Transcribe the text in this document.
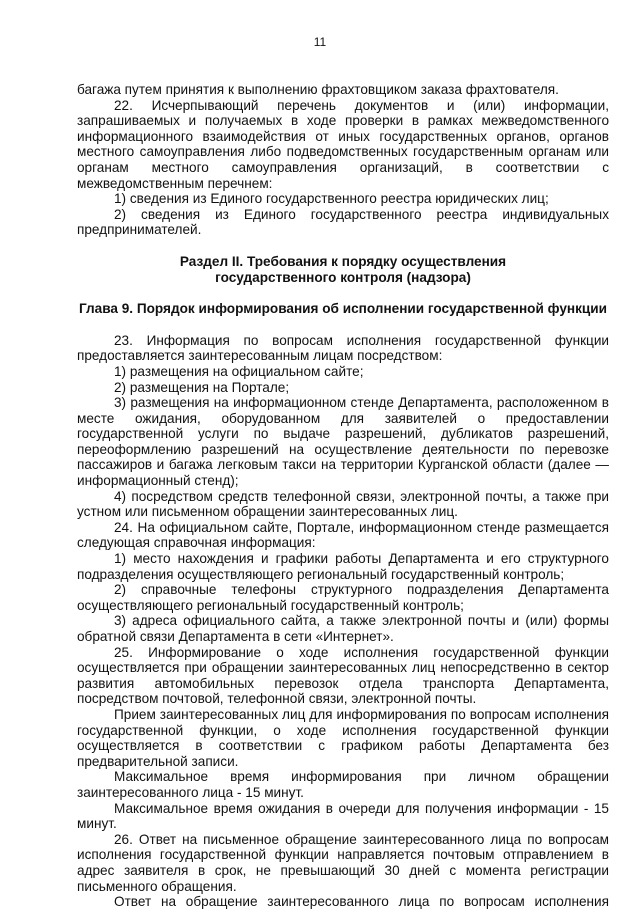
11

багажа путем принятия к выполнению фрахтовщиком заказа фрахтователя.

22. Исчерпывающий перечень документов и (или) информации, запрашиваемых и получаемых в ходе проверки в рамках межведомственного информационного взаимодействия от иных государственных органов, органов местного самоуправления либо подведомственных государственным органам или органам местного самоуправления организаций, в соответствии с межведомственным перечнем:

1) сведения из Единого государственного реестра юридических лиц;

2) сведения из Единого государственного реестра индивидуальных предпринимателей.

Раздел II. Требования к порядку осуществления государственного контроля (надзора)

Глава 9. Порядок информирования об исполнении государственной функции

23. Информация по вопросам исполнения государственной функции предоставляется заинтересованным лицам посредством:

1) размещения на официальном сайте;

2) размещения на Портале;

3) размещения на информационном стенде Департамента, расположенном в месте ожидания, оборудованном для заявителей о предоставлении государственной услуги по выдаче разрешений, дубликатов разрешений, переоформлению разрешений на осуществление деятельности по перевозке пассажиров и багажа легковым такси на территории Курганской области (далее — информационный стенд);

4) посредством средств телефонной связи, электронной почты, а также при устном или письменном обращении заинтересованных лиц.

24. На официальном сайте, Портале, информационном стенде размещается следующая справочная информация:

1) место нахождения и графики работы Департамента и его структурного подразделения осуществляющего региональный государственный контроль;

2) справочные телефоны структурного подразделения Департамента осуществляющего региональный государственный контроль;

3) адреса официального сайта, а также электронной почты и (или) формы обратной связи Департамента в сети «Интернет».

25. Информирование о ходе исполнения государственной функции осуществляется при обращении заинтересованных лиц непосредственно в сектор развития автомобильных перевозок отдела транспорта Департамента, посредством почтовой, телефонной связи, электронной почты.

Прием заинтересованных лиц для информирования по вопросам исполнения государственной функции, о ходе исполнения государственной функции осуществляется в соответствии с графиком работы Департамента без предварительной записи.

Максимальное время информирования при личном обращении заинтересованного лица - 15 минут.

Максимальное время ожидания в очереди для получения информации - 15 минут.

26. Ответ на письменное обращение заинтересованного лица по вопросам исполнения государственной функции направляется почтовым отправлением в адрес заявителя в срок, не превышающий 30 дней с момента регистрации письменного обращения.

Ответ на обращение заинтересованного лица по вопросам исполнения
